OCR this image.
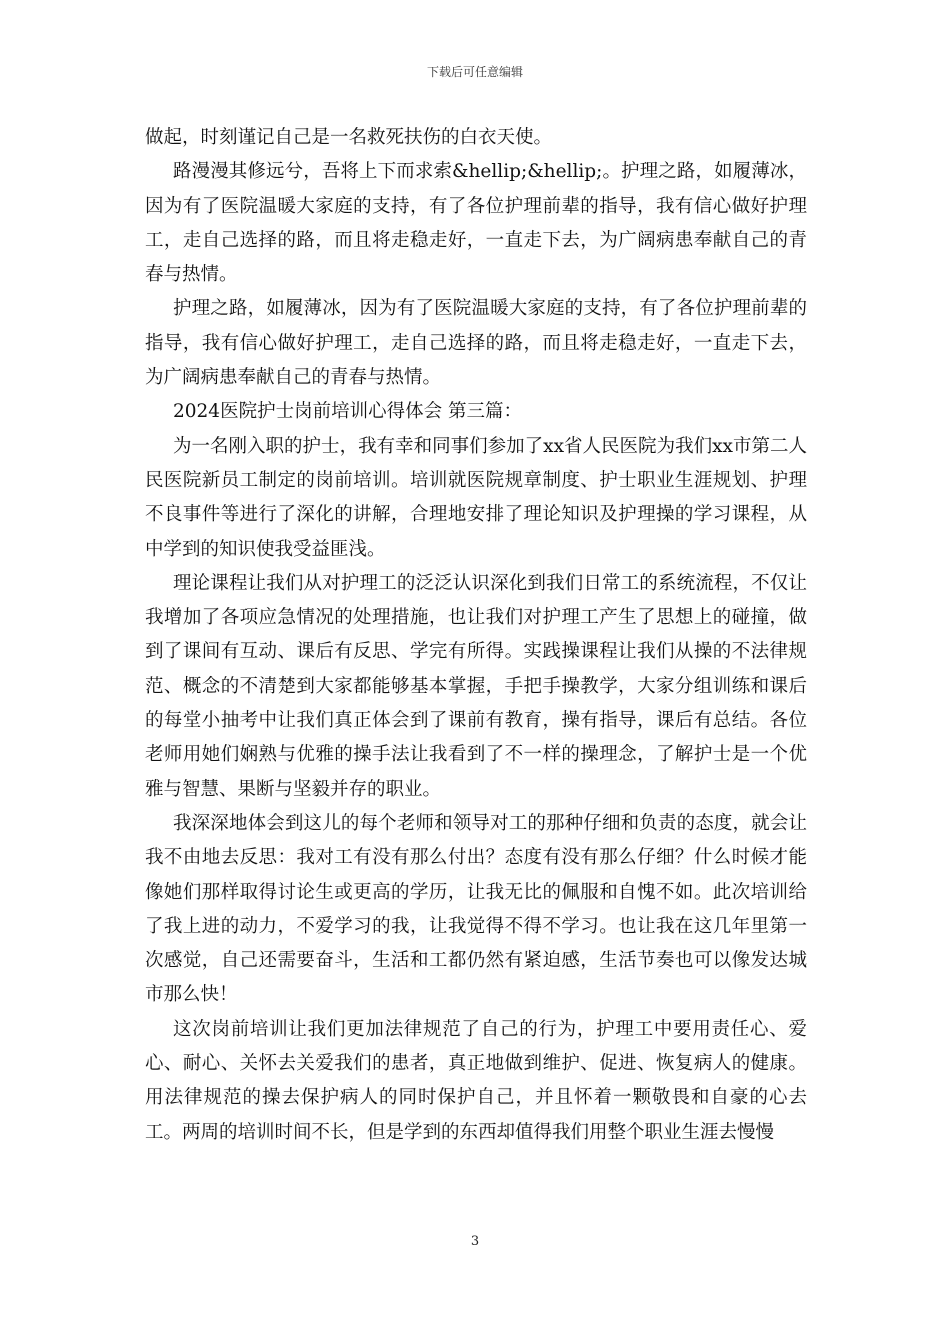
下载后可任意编辑

做起，时刻谨记自己是一名救死扶伤的白衣天使。

路漫漫其修远兮，吾将上下而求索&hellip;&hellip;。护理之路，如履薄冰，因为有了医院温暖大家庭的支持，有了各位护理前辈的指导，我有信心做好护理工，走自己选择的路，而且将走稳走好，一直走下去，为广阔病患奉献自己的青春与热情。

护理之路，如履薄冰，因为有了医院温暖大家庭的支持，有了各位护理前辈的指导，我有信心做好护理工，走自己选择的路，而且将走稳走好，一直走下去，为广阔病患奉献自己的青春与热情。

2024医院护士岗前培训心得体会 第三篇：

为一名刚入职的护士，我有幸和同事们参加了xx省人民医院为我们xx市第二人民医院新员工制定的岗前培训。培训就医院规章制度、护士职业生涯规划、护理不良事件等进行了深化的讲解，合理地安排了理论知识及护理操的学习课程，从中学到的知识使我受益匪浅。

理论课程让我们从对护理工的泛泛认识深化到我们日常工的系统流程，不仅让我增加了各项应急情况的处理措施，也让我们对护理工产生了思想上的碰撞，做到了课间有互动、课后有反思、学完有所得。实践操课程让我们从操的不法律规范、概念的不清楚到大家都能够基本掌握，手把手操教学，大家分组训练和课后的每堂小抽考中让我们真正体会到了课前有教育，操有指导，课后有总结。各位老师用她们娴熟与优雅的操手法让我看到了不一样的操理念，了解护士是一个优雅与智慧、果断与坚毅并存的职业。

我深深地体会到这儿的每个老师和领导对工的那种仔细和负责的态度，就会让我不由地去反思：我对工有没有那么付出？态度有没有那么仔细？什么时候才能像她们那样取得讨论生或更高的学历，让我无比的佩服和自愧不如。此次培训给了我上进的动力，不爱学习的我，让我觉得不得不学习。也让我在这几年里第一次感觉，自己还需要奋斗，生活和工都仍然有紧迫感，生活节奏也可以像发达城市那么快！

这次岗前培训让我们更加法律规范了自己的行为，护理工中要用责任心、爱心、耐心、关怀去关爱我们的患者，真正地做到维护、促进、恢复病人的健康。用法律规范的操去保护病人的同时保护自己，并且怀着一颗敬畏和自豪的心去工。两周的培训时间不长，但是学到的东西却值得我们用整个职业生涯去慢慢

3
